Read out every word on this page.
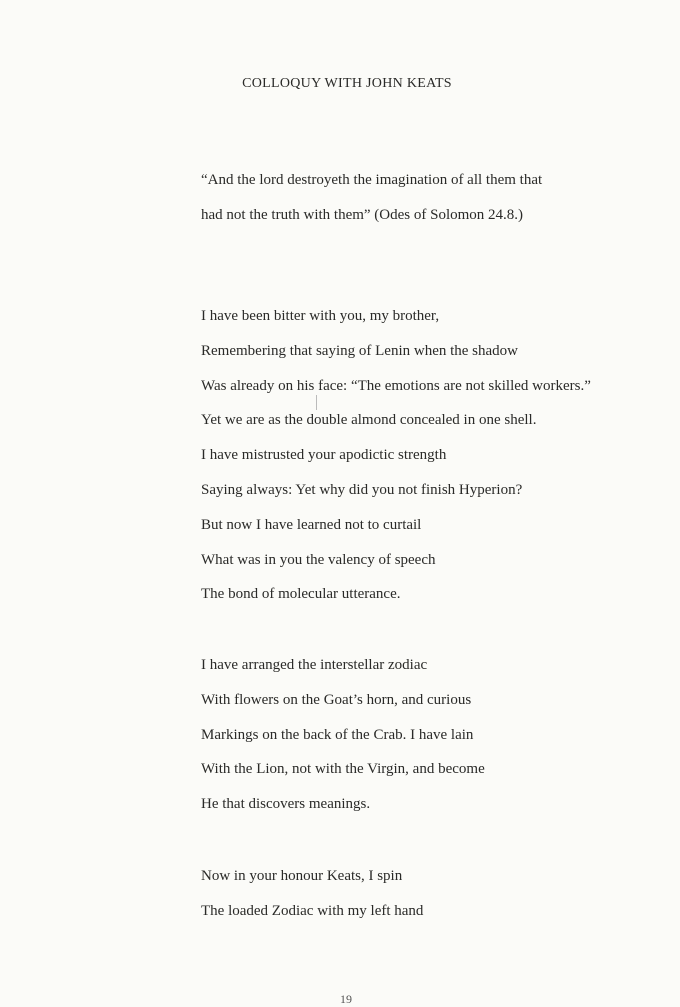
COLLOQUY WITH JOHN KEATS
“And the lord destroyeth the imagination of all them that
had not the truth with them” (Odes of Solomon 24.8.)
I have been bitter with you, my brother,
Remembering that saying of Lenin when the shadow
Was already on his face: “The emotions are not skilled workers.”
Yet we are as the double almond concealed in one shell.
I have mistrusted your apodictic strength
Saying always: Yet why did you not finish Hyperion?
But now I have learned not to curtail
What was in you the valency of speech
The bond of molecular utterance.
I have arranged the interstellar zodiac
With flowers on the Goat’s horn, and curious
Markings on the back of the Crab. I have lain
With the Lion, not with the Virgin, and become
He that discovers meanings.
Now in your honour Keats, I spin
The loaded Zodiac with my left hand
19
